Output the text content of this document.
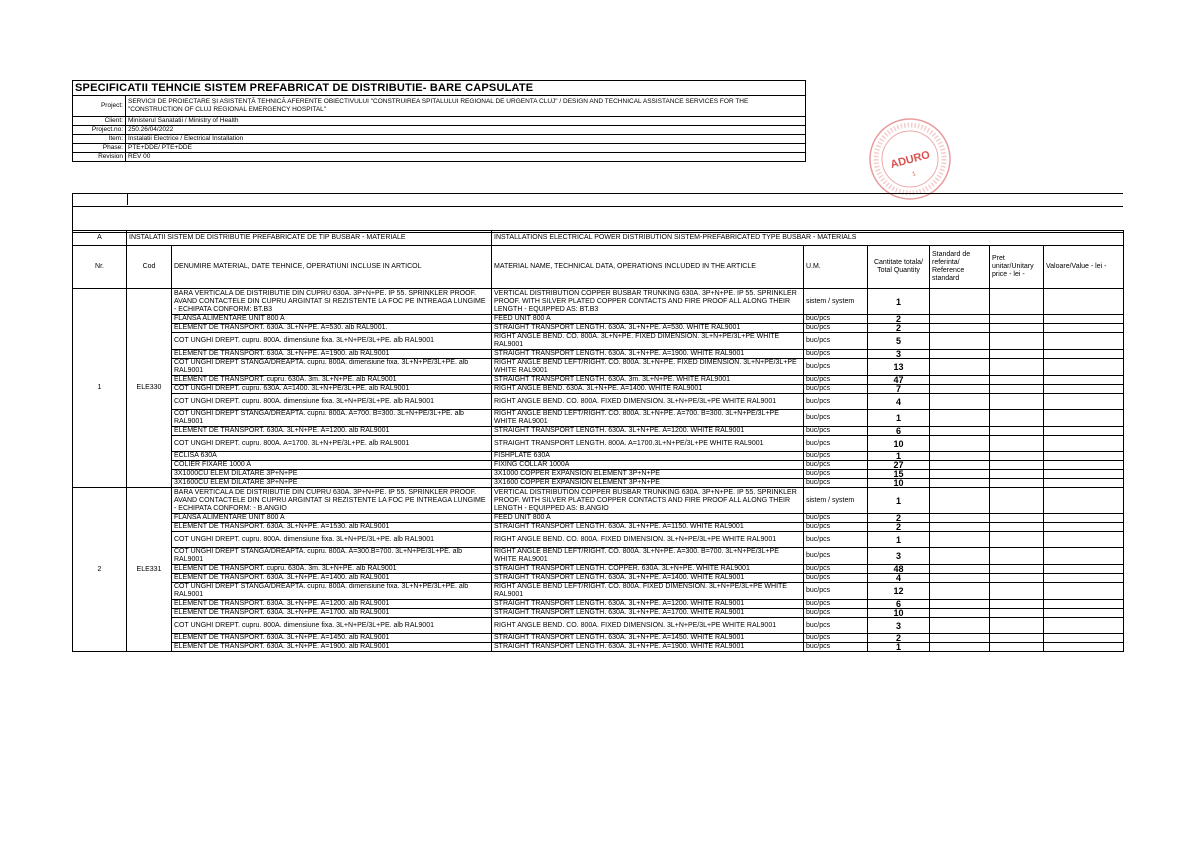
SPECIFICATII TEHNCIE SISTEM PREFABRICAT DE DISTRIBUTIE- BARE CAPSULATE	
Project:	SERVICII DE PROIECTARE ȘI ASISTENȚĂ TEHNICĂ AFERENTE OBIECTIVULUI "CONSTRUIREA SPITALULUI REGIONAL DE URGENTA CLUJ" / DESIGN AND TECHNICAL ASSISTANCE SERVICES FOR THE "CONSTRUCTION OF CLUJ REGIONAL EMERGENCY HOSPITAL"
Client:	Ministerul Sanatatii / Ministry of Health
Project.no:	250.26/04/2022
Item:	Instalatii Electrice / Electrical Installation
Phase:	PTE+DDE/ PTE+DDE
Revision	REV 00	ADURO
1
A	INSTALATII SISTEM DE DISTRIBUTIE PREFABRICATE DE TIP BUSBAR - MATERIALE		INSTALLATIONS ELECTRICAL POWER DISTRIBUTION SISTEM-PREFABRICATED TYPE BUSBAR - MATERIALS					
Nr.	Cod	DENUMIRE MATERIAL, DATE TEHNICE, OPERATIUNI INCLUSE IN ARTICOL	MATERIAL NAME, TECHNICAL DATA, OPERATIONS INCLUDED IN THE ARTICLE	U.M.	Cantitate totala/ Total Quantity	Standard de referinta/ Reference standard	Pret unitar/Unitary price - lei -	Valoare/Value - lei -
1	ELE330	BARA VERTICALA DE DISTRIBUTIE DIN CUPRU 630A. 3P+N+PE. IP 55. SPRINKLER PROOF. AVAND CONTACTELE DIN CUPRU ARGINTAT SI REZISTENTE LA FOC PE INTREAGA LUNGIME - ECHIPATA CONFORM: BT.B3	VERTICAL DISTRIBUTION COPPER BUSBAR TRUNKING 630A. 3P+N+PE. IP 55. SPRINKLER PROOF. WITH SILVER PLATED COPPER CONTACTS AND FIRE PROOF ALL ALONG THEIR LENGTH - EQUIPPED AS: BT.B3	sistem / system	1			
		FLANSA ALIMENTARE UNIT 800 A	FEED UNIT 800 A	buc/pcs	2			
		ELEMENT DE TRANSPORT. 630A. 3L+N+PE. A=530. alb RAL9001.	STRAIGHT TRANSPORT LENGTH. 630A. 3L+N+PE. A=530. WHITE RAL9001	buc/pcs	2			
		COT UNGHI DREPT. cupru. 800A. dimensiune fixa. 3L+N+PE/3L+PE. alb RAL9001	RIGHT ANGLE BEND. CO. 800A. 3L+N+PE. FIXED DIMENSION. 3L+N+PE/3L+PE WHITE RAL9001	buc/pcs	5			
		ELEMENT DE TRANSPORT. 630A. 3L+N+PE. A=1900. alb RAL9001	STRAIGHT TRANSPORT LENGTH. 630A. 3L+N+PE. A=1900. WHITE RAL9001	buc/pcs	3			
		COT UNGHI DREPT STANGA/DREAPTA. cupru. 800A. dimensiune fixa. 3L+N+PE/3L+PE. alb RAL9001	RIGHT ANGLE BEND LEFT/RIGHT. CO. 800A. 3L+N+PE. FIXED DIMENSION. 3L+N+PE/3L+PE WHITE RAL9001	buc/pcs	13			
		ELEMENT DE TRANSPORT. cupru. 630A. 3m. 3L+N+PE. alb RAL9001	STRAIGHT TRANSPORT LENGTH. 630A. 3m. 3L+N+PE. WHITE RAL9001	buc/pcs	47			
		COT UNGHI DREPT. cupru. 630A. A=1400. 3L+N+PE/3L+PE. alb RAL9001	RIGHT ANGLE BEND. 630A. 3L+N+PE. A=1400. WHITE RAL9001	buc/pcs	7			
		COT UNGHI DREPT. cupru. 800A. dimensiune fixa. 3L+N+PE/3L+PE. alb RAL9001	RIGHT ANGLE BEND. CO. 800A. FIXED DIMENSION. 3L+N+PE/3L+PE WHITE RAL9001	buc/pcs	4			
		COT UNGHI DREPT STANGA/DREAPTA. cupru. 800A. A=700. B=300. 3L+N+PE/3L+PE. alb RAL9001	RIGHT ANGLE BEND LEFT/RIGHT. CO. 800A. 3L+N+PE. A=700. B=300. 3L+N+PE/3L+PE WHITE RAL9001	buc/pcs	1			
		ELEMENT DE TRANSPORT. 630A. 3L+N+PE. A=1200. alb RAL9001	STRAIGHT TRANSPORT LENGTH. 630A. 3L+N+PE. A=1200. WHITE RAL9001	buc/pcs	6			
		COT UNGHI DREPT. cupru. 800A. A=1700. 3L+N+PE/3L+PE. alb RAL9001	STRAIGHT TRANSPORT LENGTH. 800A. A=1700.3L+N+PE/3L+PE WHITE RAL9001	buc/pcs	10			
		ECLISA 630A	FISHPLATE 630A	buc/pcs	1			
		COLIER FIXARE 1000 A	FIXING COLLAR 1000A	buc/pcs	27			
		3X1000CU ELEM DILATARE 3P+N+PE	3X1000 COPPER EXPANSION ELEMENT 3P+N+PE	buc/pcs	15			
		3X1600CU ELEM DILATARE 3P+N+PE	3X1600 COPPER EXPANSION ELEMENT 3P+N+PE	buc/pcs	10			
2	ELE331	BARA VERTICALA DE DISTRIBUTIE DIN CUPRU 630A. 3P+N+PE. IP 55. SPRINKLER PROOF. AVAND CONTACTELE DIN CUPRU ARGINTAT SI REZISTENTE LA FOC PE INTREAGA LUNGIME - ECHIPATA CONFORM: - B.ANGIO	VERTICAL DISTRIBUTION COPPER BUSBAR TRUNKING 630A. 3P+N+PE. IP 55. SPRINKLER PROOF. WITH SILVER PLATED COPPER CONTACTS AND FIRE PROOF ALL ALONG THEIR LENGTH - EQUIPPED AS: B.ANGIO	sistem / system	1			
		FLANSA ALIMENTARE UNIT 800 A	FEED UNIT 800 A	buc/pcs	2			
		ELEMENT DE TRANSPORT. 630A. 3L+N+PE. A=1530. alb RAL9001	STRAIGHT TRANSPORT LENGTH. 630A. 3L+N+PE. A=1150. WHITE RAL9001	buc/pcs	2			
		COT UNGHI DREPT. cupru. 800A. dimensiune fixa. 3L+N+PE/3L+PE. alb RAL9001	RIGHT ANGLE BEND. CO. 800A. FIXED DIMENSION. 3L+N+PE/3L+PE WHITE RAL9001	buc/pcs	1			
		COT UNGHI DREPT STANGA/DREAPTA. cupru. 800A. A=300.B=700. 3L+N+PE/3L+PE. alb RAL9001	RIGHT ANGLE BEND LEFT/RIGHT. CO. 800A. 3L+N+PE. A=300. B=700. 3L+N+PE/3L+PE WHITE RAL9001	buc/pcs	3			
		ELEMENT DE TRANSPORT. cupru. 630A. 3m. 3L+N+PE. alb RAL9001	STRAIGHT TRANSPORT LENGTH. COPPER. 630A. 3L+N+PE. WHITE RAL9001	buc/pcs	48			
		ELEMENT DE TRANSPORT. 630A. 3L+N+PE. A=1400. alb RAL9001	STRAIGHT TRANSPORT LENGTH. 630A. 3L+N+PE. A=1400. WHITE RAL9001	buc/pcs	4			
		COT UNGHI DREPT STANGA/DREAPTA. cupru. 800A. dimensiune fixa. 3L+N+PE/3L+PE. alb RAL9001	RIGHT ANGLE BEND LEFT/RIGHT. CO. 800A. FIXED DIMENSION. 3L+N+PE/3L+PE WHITE RAL9001	buc/pcs	12			
		ELEMENT DE TRANSPORT. 630A. 3L+N+PE. A=1200. alb RAL9001	STRAIGHT TRANSPORT LENGTH. 630A. 3L+N+PE. A=1200. WHITE RAL9001	buc/pcs	6			
		ELEMENT DE TRANSPORT. 630A. 3L+N+PE. A=1700. alb RAL9001	STRAIGHT TRANSPORT LENGTH. 630A. 3L+N+PE. A=1700. WHITE RAL9001	buc/pcs	10			
		COT UNGHI DREPT. cupru. 800A. dimensiune fixa. 3L+N+PE/3L+PE. alb RAL9001	RIGHT ANGLE BEND. CO. 800A. FIXED DIMENSION. 3L+N+PE/3L+PE WHITE RAL9001	buc/pcs	3			
		ELEMENT DE TRANSPORT. 630A. 3L+N+PE. A=1450. alb RAL9001	STRAIGHT TRANSPORT LENGTH. 630A. 3L+N+PE. A=1450. WHITE RAL9001	buc/pcs	2			
		ELEMENT DE TRANSPORT. 630A. 3L+N+PE. A=1900. alb RAL9001	STRAIGHT TRANSPORT LENGTH. 630A. 3L+N+PE. A=1900. WHITE RAL9001	buc/pcs	1			
